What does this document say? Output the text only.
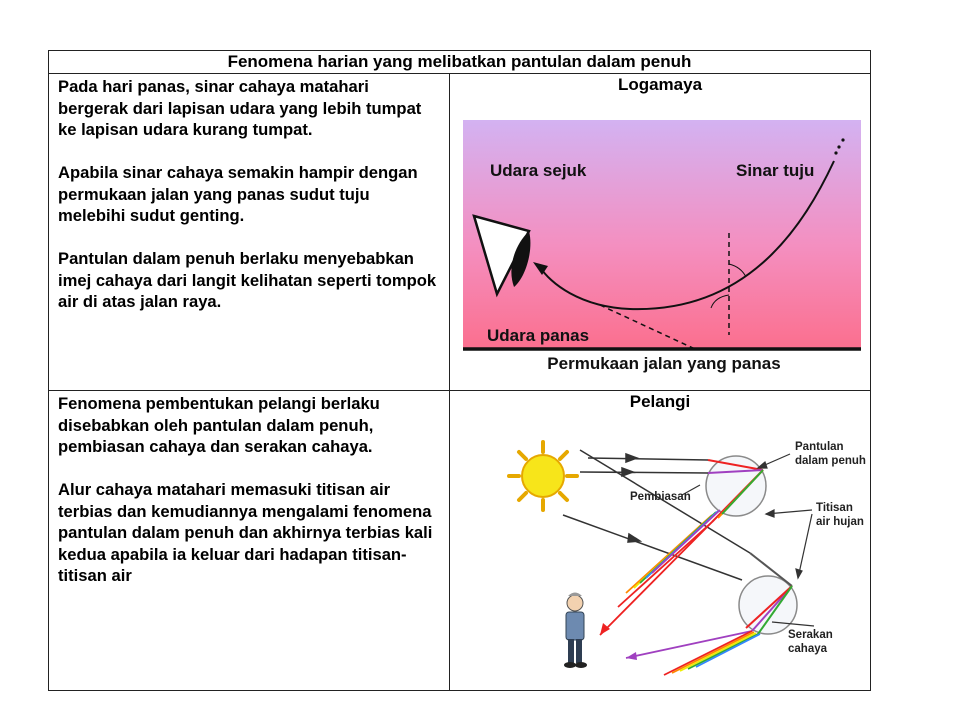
Fenomena harian yang melibatkan pantulan dalam penuh

Pada hari panas, sinar cahaya matahari bergerak dari lapisan udara yang lebih tumpat ke lapisan udara kurang tumpat.

Apabila sinar cahaya semakin hampir dengan permukaan jalan yang panas sudut tuju melebihi sudut genting.

Pantulan dalam penuh berlaku menyebabkan imej cahaya dari langit kelihatan seperti tompok air di atas jalan raya.

Logamaya
Udara sejuk	Sinar tuju
Udara panas
Permukaan jalan yang panas

Fenomena pembentukan pelangi berlaku disebabkan oleh pantulan dalam penuh, pembiasan cahaya dan serakan cahaya.

Alur cahaya matahari memasuki titisan air terbias dan kemudiannya mengalami fenomena pantulan dalam penuh dan akhirnya terbias kali kedua apabila ia keluar dari hadapan titisan-titisan air

Pelangi
Pantulan
dalam penuh
Pembiasan
Titisan
air hujan
Serakan
cahaya
